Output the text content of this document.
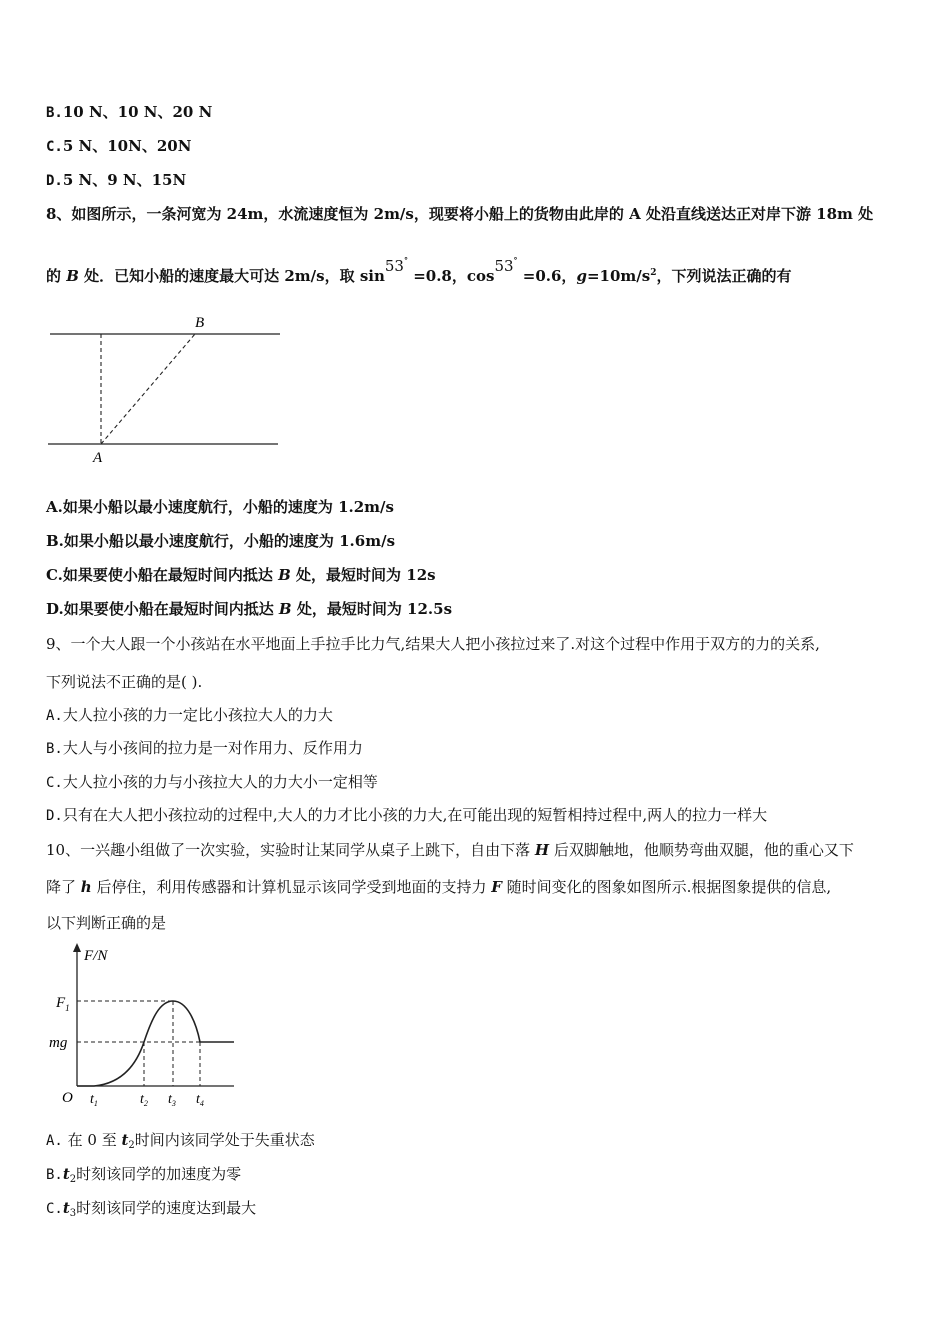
B.10 N、10 N、20 N
C.5 N、10N、20N
D.5 N、9 N、15N
8、如图所示，一条河宽为 24m，水流速度恒为 2m/s，现要将小船上的货物由此岸的 A 处沿直线送达正对岸下游 18m 处
的 B 处．已知小船的速度最大可达 2m/s，取 sin53° =0.8，cos53° =0.6，$g=10m/s^2$，下列说法正确的有
B
A
A.如果小船以最小速度航行，小船的速度为 1.2m/s
B.如果小船以最小速度航行，小船的速度为 1.6m/s
C.如果要使小船在最短时间内抵达 B 处，最短时间为 12s
D.如果要使小船在最短时间内抵达 B 处，最短时间为 12.5s
9、一个大人跟一个小孩站在水平地面上手拉手比力气,结果大人把小孩拉过来了.对这个过程中作用于双方的力的关系,
下列说法不正确的是( ).
A.大人拉小孩的力一定比小孩拉大人的力大
B.大人与小孩间的拉力是一对作用力、反作用力
C.大人拉小孩的力与小孩拉大人的力大小一定相等
D.只有在大人把小孩拉动的过程中,大人的力才比小孩的力大,在可能出现的短暂相持过程中,两人的拉力一样大
10、一兴趣小组做了一次实验，实验时让某同学从桌子上跳下，自由下落 H 后双脚触地，他顺势弯曲双腿，他的重心又下
降了 h 后停住，利用传感器和计算机显示该同学受到地面的支持力 F 随时间变化的图象如图所示.根据图象提供的信息,
以下判断正确的是
F/N
$F_1$
mg
O $t_1$	$t_2$ $t_3$ $t_4$
A. 在 0 至 $t_2$时间内该同学处于失重状态
$B.t_2$时刻该同学的加速度为零
$C.t_3$时刻该同学的速度达到最大
